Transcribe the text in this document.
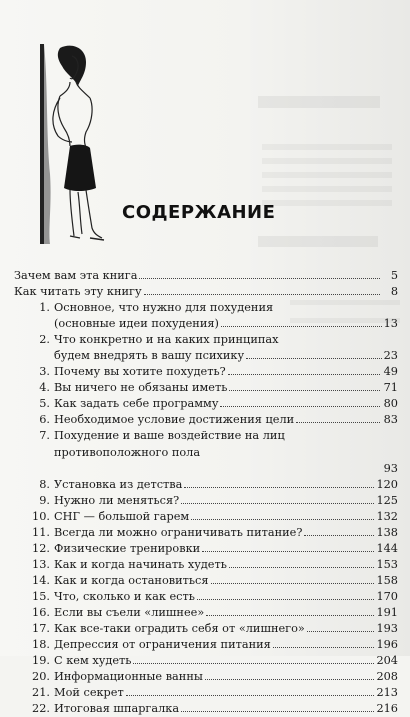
СОДЕРЖАНИЕ
Зачем вам эта книга	5
Как читать эту книгу	8
1. Основное, что нужно для похудения
(основные идеи похудения)	13
2. Что конкретно и на каких принципах
будем внедрять в вашу психику	23
3. Почему вы хотите похудеть?	49
4. Вы ничего не обязаны иметь	71
5. Как задать себе программу	80
6. Необходимое условие достижения цели	83
7. Похудение и ваше воздействие на лиц
противоположного пола
93
8. Установка из детства	120
9. Нужно ли меняться?	125
10. СНГ — большой гарем	132
11. Всегда ли можно ограничивать питание?	138
12. Физические тренировки	144
13. Как и когда начинать худеть	153
14. Как и когда остановиться	158
15. Что, сколько и как есть	170
16. Если вы съели «лишнее»	191
17. Как все-таки оградить себя от «лишнего»	193
18. Депрессия от ограничения питания	196
19. С кем худеть	204
20. Информационные ванны	208
21. Мой секрет	213
22. Итоговая шпаргалка	216
